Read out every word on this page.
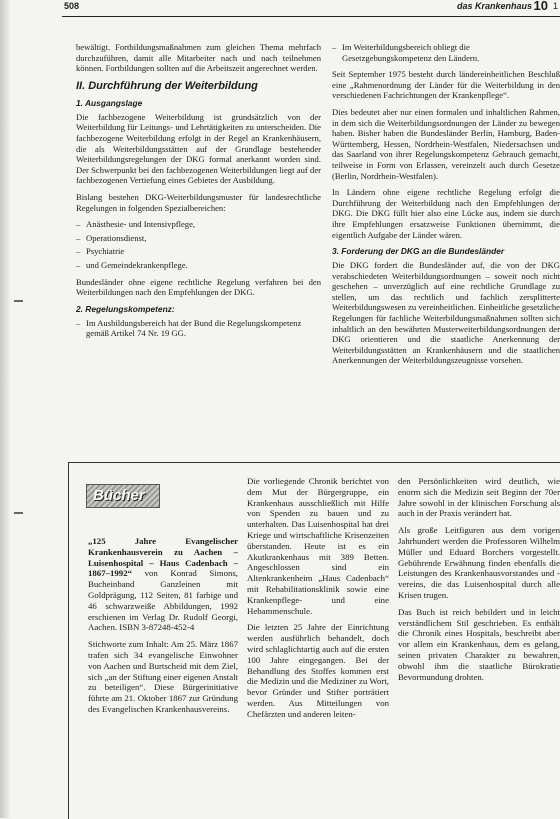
508	das Krankenhaus 10 1

bewältigt. Fortbildungsmaßnahmen zum gleichen Thema mehrfach durchzuführen, damit alle Mitarbeiter nach und nach teilnehmen können. Fortbildungen sollten auf die Arbeitszeit angerechnet werden.

II. Durchführung der Weiterbildung
1. Ausgangslage

Die fachbezogene Weiterbildung ist grundsätzlich von der Weiterbildung für Leitungs- und Lehrtätigkeiten zu unterscheiden. Die fachbezogene Weiterbildung erfolgt in der Regel an Krankenhäusern, die als Weiterbildungsstätten auf der Grundlage bestehender Weiterbildungsregelungen der DKG formal anerkannt worden sind. Der Schwerpunkt bei den fachbezogenen Weiterbildungen liegt auf der fachbezogenen Vertiefung eines Gebietes der Ausbildung.

Bislang bestehen DKG-Weiterbildungsmuster für landesrechtliche Regelungen in folgenden Spezialbereichen:

– Anästhesie- und Intensivpflege,
– Operationsdienst,
– Psychiatrie
– und Gemeindekrankenpflege.

Bundesländer ohne eigene rechtliche Regelung verfahren bei den Weiterbildungen nach den Empfehlungen der DKG.

2. Regelungskompetenz:
– Im Ausbildungsbereich hat der Bund die Regelungskompetenz gemäß Artikel 74 Nr. 19 GG.
– Im Weiterbildungsbereich obliegt die Gesetzgebungskompetenz den Ländern.

Seit September 1975 besteht durch ländereinheitlichen Beschluß eine „Rahmenordnung der Länder für die Weiterbildung in den verschiedenen Fachrichtungen der Krankenpflege“.

Dies bedeutet aber nur einen formalen und inhaltlichen Rahmen, in dem sich die Weiterbildungsordnungen der Länder zu bewegen haben. Bisher haben die Bundesländer Berlin, Hamburg, Baden-Württemberg, Hessen, Nordrhein-Westfalen, Niedersachsen und das Saarland von ihrer Regelungskompetenz Gebrauch gemacht, teilweise in Form von Erlassen, vereinzelt auch durch Gesetze (Berlin, Nordrhein-Westfalen).

In Ländern ohne eigene rechtliche Regelung erfolgt die Durchführung der Weiterbildung nach den Empfehlungen der DKG. Die DKG füllt hier also eine Lücke aus, indem sie durch ihre Empfehlungen ersatzweise Funktionen übernimmt, die eigentlich Aufgabe der Länder wären.

3. Forderung der DKG an die Bundesländer

Die DKG fordert die Bundesländer auf, die von der DKG verabschiedeten Weiterbildungsordnungen – soweit noch nicht geschehen – unverzüglich auf eine rechtliche Grundlage zu stellen, um das rechtlich und fachlich zersplitterte Weiterbildungswesen zu vereinheitlichen. Einheitliche gesetzliche Regelungen für fachliche Weiterbildungsmaßnahmen sollten sich inhaltlich an den bewährten Musterweiterbildungsordnungen der DKG orientieren und die staatliche Anerkennung der Weiterbildungsstätten an Krankenhäusern und die staatlichen Anerkennungen der Weiterbildungszeugnisse vorsehen.

Bücher

„125 Jahre Evangelischer Krankenhausverein zu Aachen – Luisenhospital – Haus Cadenbach – 1867–1992“ von Konrad Simons, Bucheinband Ganzleinen mit Goldprägung, 112 Seiten, 81 farbige und 46 schwarzweiße Abbildungen, 1992 erschienen im Verlag Dr. Rudolf Georgi, Aachen. ISBN 3-87248-452-4

Stichworte zum Inhalt: Am 25. März 1867 trafen sich 34 evangelische Einwohner von Aachen und Burtscheid mit dem Ziel, sich „an der Stiftung einer eigenen Anstalt zu beteiligen“. Diese Bürgerinitiative führte am 21. Oktober 1867 zur Gründung des Evangelischen Krankenhausvereins.

Die vorliegende Chronik berichtet von dem Mut der Bürgergruppe, ein Krankenhaus ausschließlich mit Hilfe von Spenden zu bauen und zu unterhalten. Das Luisenhospital hat drei Kriege und wirtschaftliche Krisenzeiten überstanden. Heute ist es ein Akutkrankenhaus mit 389 Betten. Angeschlossen sind ein Altenkrankenheim „Haus Cadenbach“ mit Rehabilitationsklinik sowie eine Krankenpflege- und eine Hebammenschule.

Die letzten 25 Jahre der Einrichtung werden ausführlich behandelt, doch wird schlaglichtartig auch auf die ersten 100 Jahre eingegangen. Bei der Behandlung des Stoffes kommen erst die Medizin und die Mediziner zu Wort, bevor Gründer und Stifter porträtiert werden. Aus Mitteilungen von Chefärzten und anderen leiten-

den Persönlichkeiten wird deutlich, wie enorm sich die Medizin seit Beginn der 70er Jahre sowohl in der klinischen Forschung als auch in der Praxis verändert hat.

Als große Leitfiguren aus dem vorigen Jahrhundert werden die Professoren Wilhelm Müller und Eduard Borchers vorgestellt. Gebührende Erwähnung finden ebenfalls die Leistungen des Krankenhausvorstandes und -vereins, die das Luisenhospital durch alle Krisen trugen.

Das Buch ist reich bebildert und in leicht verständlichem Stil geschrieben. Es enthält die Chronik eines Hospitals, beschreibt aber vor allem ein Krankenhaus, dem es gelang, seinen privaten Charakter zu bewahren, obwohl ihm die staatliche Bürokratie Bevormundung drohten.
